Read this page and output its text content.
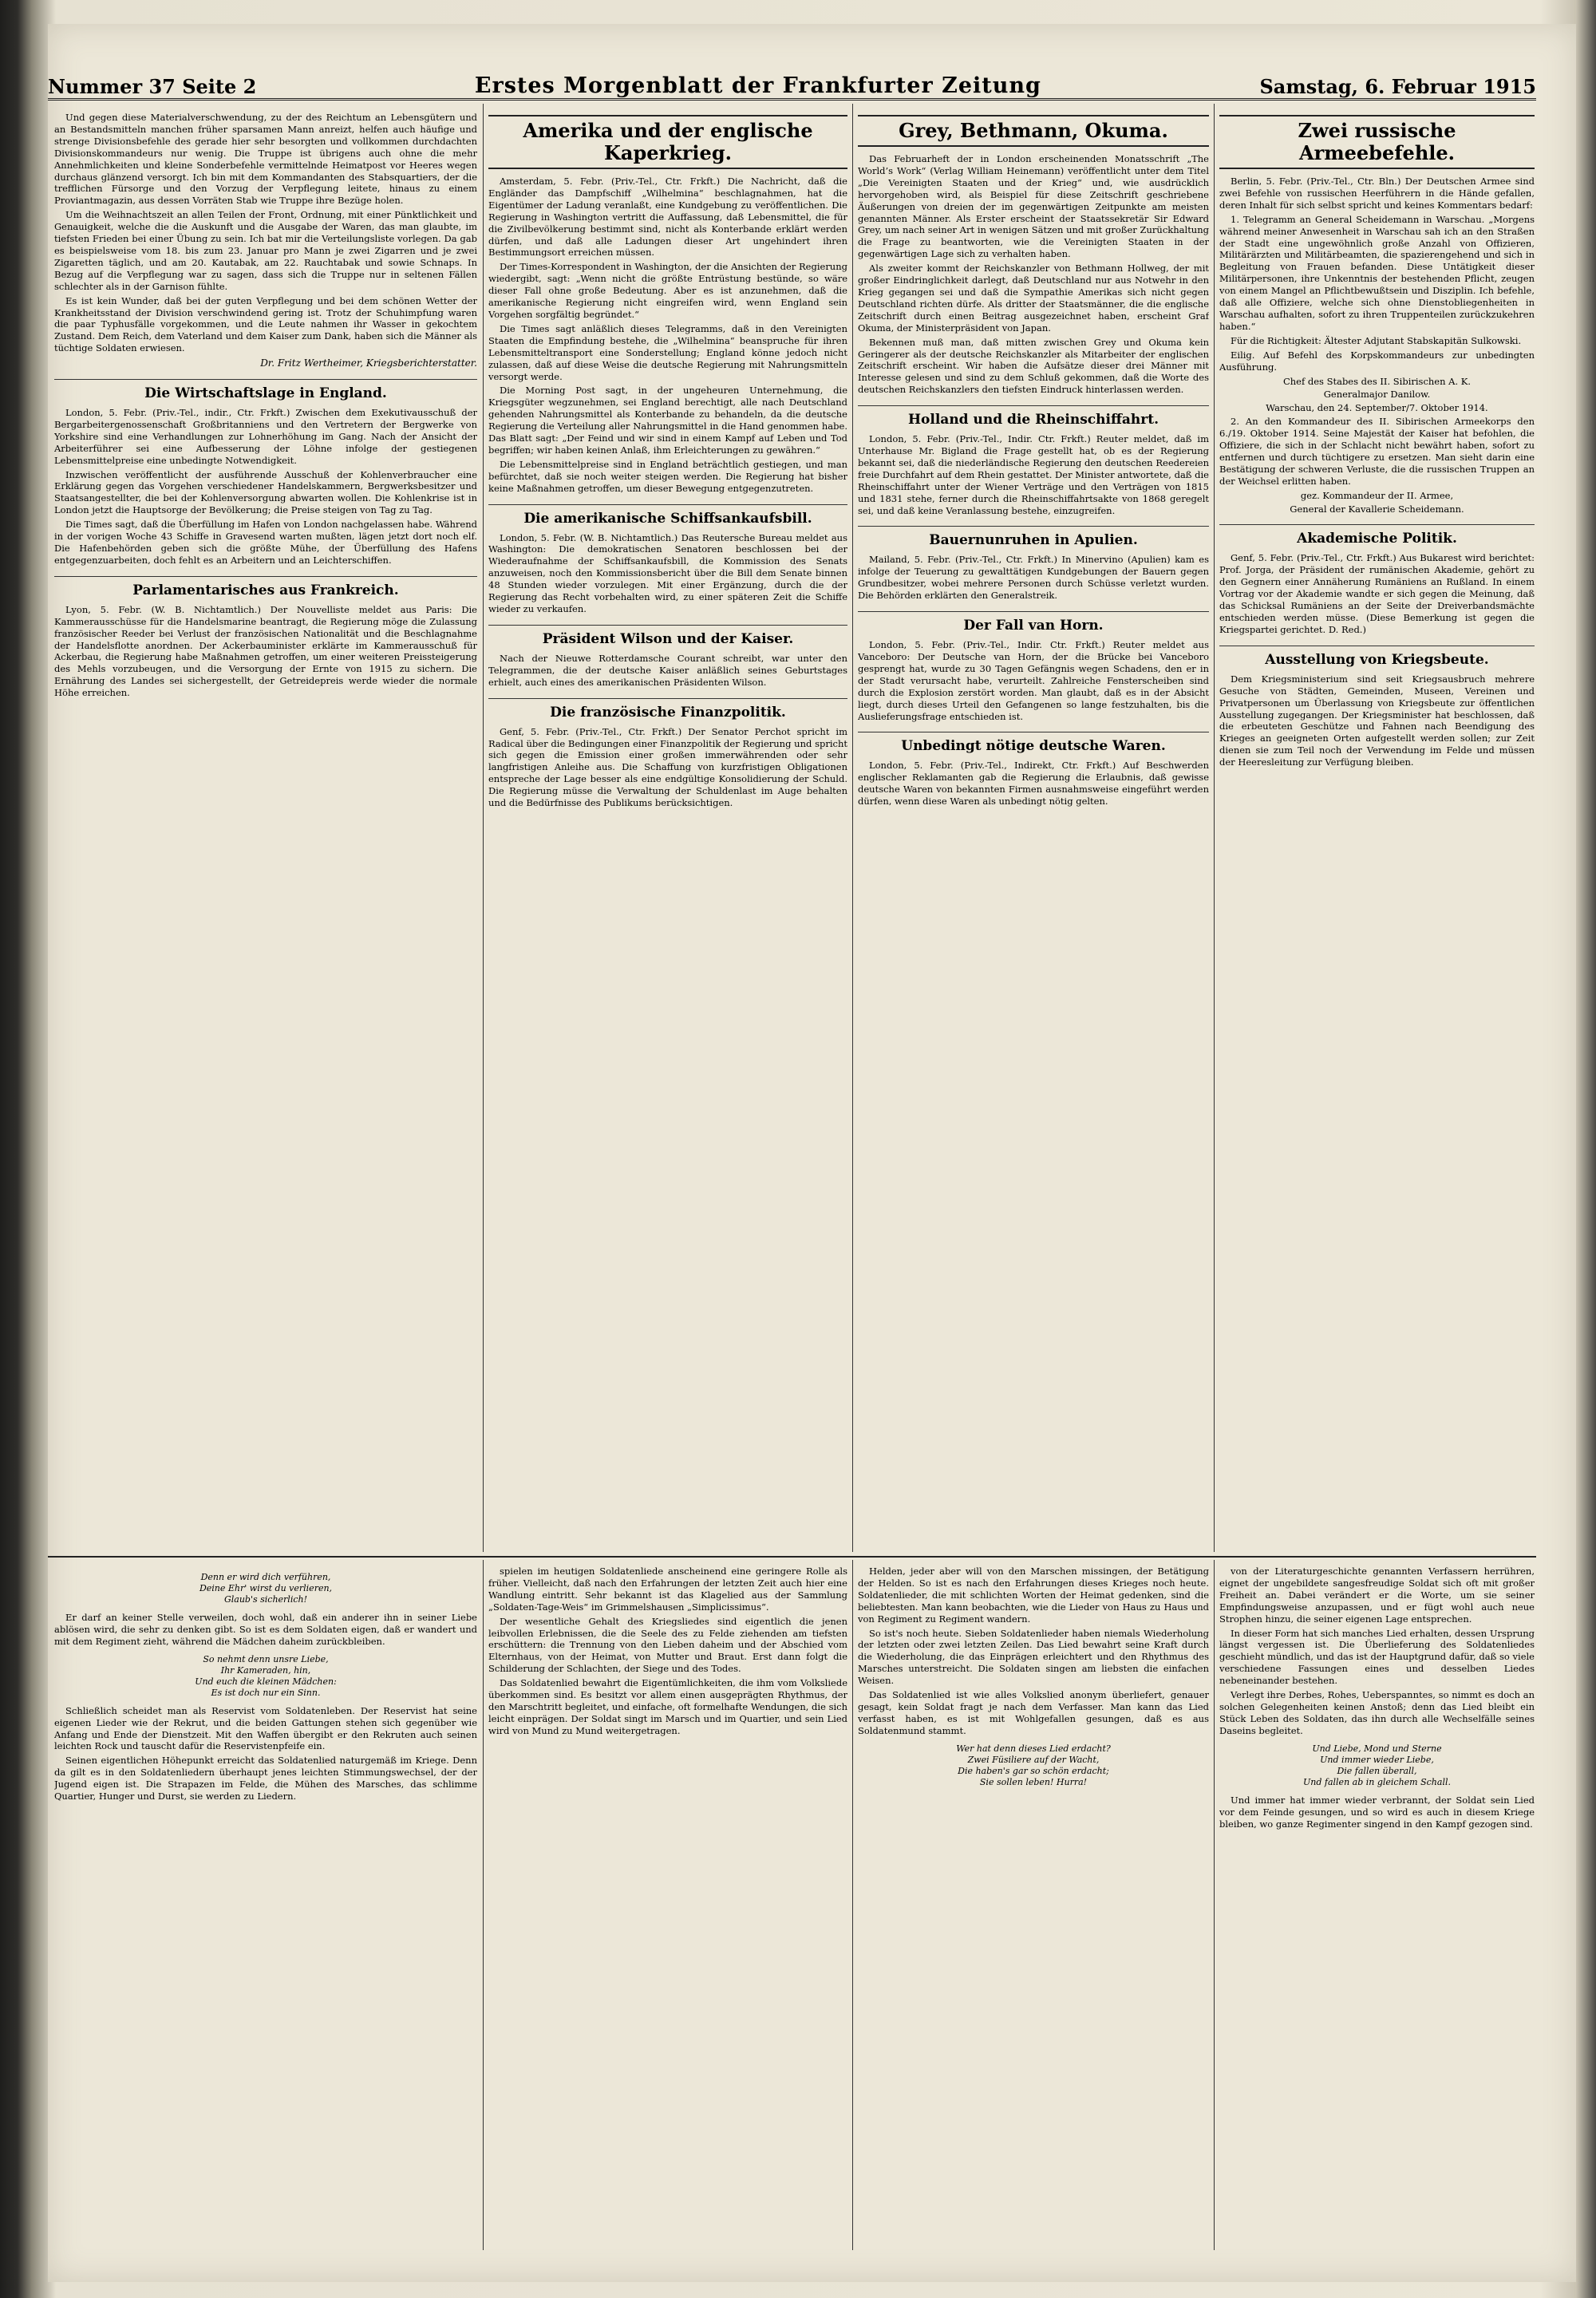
Nummer 37 Seite 2	Erstes Morgenblatt der Frankfurter Zeitung	Samstag, 6. Februar 1915

Und gegen diese Materialverschwendung, zu der des Reichtum an Lebensgütern und an Bestandsmitteln manchen früher sparsamen Mann anreizt, helfen auch häufige und strenge Divisionsbefehle des gerade hier sehr besorgten und vollkommen durchdachten Divisionskommandeurs nur wenig. Die Truppe ist übrigens auch ohne die mehr Annehmlichkeiten und kleine Sonderbefehle vermittelnde Heimatpost vor Heeres wegen durchaus glänzend versorgt. Ich bin mit dem Kommandanten des Stabsquartiers, der die trefflichen Fürsorge und den Vorzug der Verpflegung leitete, hinaus zu einem Proviantmagazin, aus dessen Vorräten Stab wie Truppe ihre Bezüge holen.

Um die Weihnachtszeit an allen Teilen der Front, Ordnung, mit einer Pünktlichkeit und Genauigkeit, welche die die Auskunft und die Ausgabe der Waren, das man glaubte, im tiefsten Frieden bei einer Übung zu sein. Ich bat mir die Verteilungsliste vorlegen. Da gab es beispielsweise vom 18. bis zum 23. Januar pro Mann je zwei Zigarren und je zwei Zigaretten täglich, und am 20. Kautabak, am 22. Rauchtabak und sowie Schnaps. In Bezug auf die Verpflegung war zu sagen, dass sich die Truppe nur in seltenen Fällen schlechter als in der Garnison fühlte.

Es ist kein Wunder, daß bei der guten Verpflegung und bei dem schönen Wetter der Krankheitsstand der Division verschwindend gering ist. Trotz der Schuhimpfung waren die paar Typhusfälle vorgekommen, und die Leute nahmen ihr Wasser in gekochtem Zustand. Dem Reich, dem Vaterland und dem Kaiser zum Dank, haben sich die Männer als tüchtige Soldaten erwiesen.

Dr. Fritz Wertheimer, Kriegsberichterstatter.
Die Wirtschaftslage in England.

London, 5. Febr. (Priv.-Tel., indir., Ctr. Frkft.) Zwischen dem Exekutivausschuß der Bergarbeitergenossenschaft Großbritanniens und den Vertretern der Bergwerke von Yorkshire sind eine Verhandlungen zur Lohnerhöhung im Gang. Nach der Ansicht der Arbeiterführer sei eine Aufbesserung der Löhne infolge der gestiegenen Lebensmittelpreise eine unbedingte Notwendigkeit.

Inzwischen veröffentlicht der ausführende Ausschuß der Kohlenverbraucher eine Erklärung gegen das Vorgehen verschiedener Handelskammern, Bergwerksbesitzer und Staatsangestellter, die bei der Kohlenversorgung abwarten wollen. Die Kohlenkrise ist in London jetzt die Hauptsorge der Bevölkerung; die Preise steigen von Tag zu Tag.

Die Times sagt, daß die Überfüllung im Hafen von London nachgelassen habe. Während in der vorigen Woche 43 Schiffe in Gravesend warten mußten, lägen jetzt dort noch elf. Die Hafenbehörden geben sich die größte Mühe, der Überfüllung des Hafens entgegenzuarbeiten, doch fehlt es an Arbeitern und an Leichterschiffen.

Parlamentarisches aus Frankreich.

Lyon, 5. Febr. (W. B. Nichtamtlich.) Der Nouvelliste meldet aus Paris: Die Kammerausschüsse für die Handelsmarine beantragt, die Regierung möge die Zulassung französischer Reeder bei Verlust der französischen Nationalität und die Beschlagnahme der Handelsflotte anordnen. Der Ackerbauminister erklärte im Kammerausschuß für Ackerbau, die Regierung habe Maßnahmen getroffen, um einer weiteren Preissteigerung des Mehls vorzubeugen, und die Versorgung der Ernte von 1915 zu sichern. Die Ernährung des Landes sei sichergestellt, der Getreidepreis werde wieder die normale Höhe erreichen.

Amerika und der englische Kaperkrieg.

Amsterdam, 5. Febr. (Priv.-Tel., Ctr. Frkft.) Die Nachricht, daß die Engländer das Dampfschiff „Wilhelmina“ beschlagnahmen, hat die Eigentümer der Ladung veranlaßt, eine Kundgebung zu veröffentlichen. Die Regierung in Washington vertritt die Auffassung, daß Lebensmittel, die für die Zivilbevölkerung bestimmt sind, nicht als Konterbande erklärt werden dürfen, und daß alle Ladungen dieser Art ungehindert ihren Bestimmungsort erreichen müssen.

Der Times-Korrespondent in Washington, der die Ansichten der Regierung wiedergibt, sagt: „Wenn nicht die größte Entrüstung bestünde, so wäre dieser Fall ohne große Bedeutung. Aber es ist anzunehmen, daß die amerikanische Regierung nicht eingreifen wird, wenn England sein Vorgehen sorgfältig begründet.“

Die Times sagt anläßlich dieses Telegramms, daß in den Vereinigten Staaten die Empfindung bestehe, die „Wilhelmina“ beanspruche für ihren Lebensmitteltransport eine Sonderstellung; England könne jedoch nicht zulassen, daß auf diese Weise die deutsche Regierung mit Nahrungsmitteln versorgt werde.

Die Morning Post sagt, in der ungeheuren Unternehmung, die Kriegsgüter wegzunehmen, sei England berechtigt, alle nach Deutschland gehenden Nahrungsmittel als Konterbande zu behandeln, da die deutsche Regierung die Verteilung aller Nahrungsmittel in die Hand genommen habe. Das Blatt sagt: „Der Feind und wir sind in einem Kampf auf Leben und Tod begriffen; wir haben keinen Anlaß, ihm Erleichterungen zu gewähren.“

Die Lebensmittelpreise sind in England beträchtlich gestiegen, und man befürchtet, daß sie noch weiter steigen werden. Die Regierung hat bisher keine Maßnahmen getroffen, um dieser Bewegung entgegenzutreten.

Die amerikanische Schiffsankaufsbill.

London, 5. Febr. (W. B. Nichtamtlich.) Das Reutersche Bureau meldet aus Washington: Die demokratischen Senatoren beschlossen bei der Wiederaufnahme der Schiffsankaufsbill, die Kommission des Senats anzuweisen, noch den Kommissionsbericht über die Bill dem Senate binnen 48 Stunden wieder vorzulegen. Mit einer Ergänzung, durch die der Regierung das Recht vorbehalten wird, zu einer späteren Zeit die Schiffe wieder zu verkaufen.

Präsident Wilson und der Kaiser.

Nach der Nieuwe Rotterdamsche Courant schreibt, war unter den Telegrammen, die der deutsche Kaiser anläßlich seines Geburtstages erhielt, auch eines des amerikanischen Präsidenten Wilson.

Die französische Finanzpolitik.

Genf, 5. Febr. (Priv.-Tel., Ctr. Frkft.) Der Senator Perchot spricht im Radical über die Bedingungen einer Finanzpolitik der Regierung und spricht sich gegen die Emission einer großen immerwährenden oder sehr langfristigen Anleihe aus. Die Schaffung von kurzfristigen Obligationen entspreche der Lage besser als eine endgültige Konsolidierung der Schuld. Die Regierung müsse die Verwaltung der Schuldenlast im Auge behalten und die Bedürfnisse des Publikums berücksichtigen.

Grey, Bethmann, Okuma.

Das Februarheft der in London erscheinenden Monatsschrift „The World’s Work“ (Verlag William Heinemann) veröffentlicht unter dem Titel „Die Vereinigten Staaten und der Krieg“ und, wie ausdrücklich hervorgehoben wird, als Beispiel für diese Zeitschrift geschriebene Äußerungen von dreien der im gegenwärtigen Zeitpunkte am meisten genannten Männer. Als Erster erscheint der Staatssekretär Sir Edward Grey, um nach seiner Art in wenigen Sätzen und mit großer Zurückhaltung die Frage zu beantworten, wie die Vereinigten Staaten in der gegenwärtigen Lage sich zu verhalten haben.

Als zweiter kommt der Reichskanzler von Bethmann Hollweg, der mit großer Eindringlichkeit darlegt, daß Deutschland nur aus Notwehr in den Krieg gegangen sei und daß die Sympathie Amerikas sich nicht gegen Deutschland richten dürfe. Als dritter der Staatsmänner, die die englische Zeitschrift durch einen Beitrag ausgezeichnet haben, erscheint Graf Okuma, der Ministerpräsident von Japan.

Bekennen muß man, daß mitten zwischen Grey und Okuma kein Geringerer als der deutsche Reichskanzler als Mitarbeiter der englischen Zeitschrift erscheint. Wir haben die Aufsätze dieser drei Männer mit Interesse gelesen und sind zu dem Schluß gekommen, daß die Worte des deutschen Reichskanzlers den tiefsten Eindruck hinterlassen werden.

Holland und die Rheinschiffahrt.

London, 5. Febr. (Priv.-Tel., Indir. Ctr. Frkft.) Reuter meldet, daß im Unterhause Mr. Bigland die Frage gestellt hat, ob es der Regierung bekannt sei, daß die niederländische Regierung den deutschen Reedereien freie Durchfahrt auf dem Rhein gestattet. Der Minister antwortete, daß die Rheinschiffahrt unter der Wiener Verträge und den Verträgen von 1815 und 1831 stehe, ferner durch die Rheinschiffahrtsakte von 1868 geregelt sei, und daß keine Veranlassung bestehe, einzugreifen.

Bauernunruhen in Apulien.

Mailand, 5. Febr. (Priv.-Tel., Ctr. Frkft.) In Minervino (Apulien) kam es infolge der Teuerung zu gewalttätigen Kundgebungen der Bauern gegen Grundbesitzer, wobei mehrere Personen durch Schüsse verletzt wurden. Die Behörden erklärten den Generalstreik.

Der Fall van Horn.

London, 5. Febr. (Priv.-Tel., Indir. Ctr. Frkft.) Reuter meldet aus Vanceboro: Der Deutsche van Horn, der die Brücke bei Vanceboro gesprengt hat, wurde zu 30 Tagen Gefängnis wegen Schadens, den er in der Stadt verursacht habe, verurteilt. Zahlreiche Fensterscheiben sind durch die Explosion zerstört worden. Man glaubt, daß es in der Absicht liegt, durch dieses Urteil den Gefangenen so lange festzuhalten, bis die Auslieferungsfrage entschieden ist.

Unbedingt nötige deutsche Waren.

London, 5. Febr. (Priv.-Tel., Indirekt, Ctr. Frkft.) Auf Beschwerden englischer Reklamanten gab die Regierung die Erlaubnis, daß gewisse deutsche Waren von bekannten Firmen ausnahmsweise eingeführt werden dürfen, wenn diese Waren als unbedingt nötig gelten.

Zwei russische Armeebefehle.

Berlin, 5. Febr. (Priv.-Tel., Ctr. Bln.) Der Deutschen Armee sind zwei Befehle von russischen Heerführern in die Hände gefallen, deren Inhalt für sich selbst spricht und keines Kommentars bedarf:

1. Telegramm an General Scheidemann in Warschau. „Morgens während meiner Anwesenheit in Warschau sah ich an den Straßen der Stadt eine ungewöhnlich große Anzahl von Offizieren, Militärärzten und Militärbeamten, die spazierengehend und sich in Begleitung von Frauen befanden. Diese Untätigkeit dieser Militärpersonen, ihre Unkenntnis der bestehenden Pflicht, zeugen von einem Mangel an Pflichtbewußtsein und Disziplin. Ich befehle, daß alle Offiziere, welche sich ohne Dienstobliegenheiten in Warschau aufhalten, sofort zu ihren Truppenteilen zurückzukehren haben.“

Für die Richtigkeit: Ältester Adjutant Stabskapitän Sulkowski.

Eilig. Auf Befehl des Korpskommandeurs zur unbedingten Ausführung.

Chef des Stabes des II. Sibirischen A. K.
Generalmajor Danilow.
Warschau, den 24. September/7. Oktober 1914.

2. An den Kommandeur des II. Sibirischen Armeekorps den 6./19. Oktober 1914. Seine Majestät der Kaiser hat befohlen, die Offiziere, die sich in der Schlacht nicht bewährt haben, sofort zu entfernen und durch tüchtigere zu ersetzen. Man sieht darin eine Bestätigung der schweren Verluste, die die russischen Truppen an der Weichsel erlitten haben.

gez. Kommandeur der II. Armee,
General der Kavallerie Scheidemann.
Akademische Politik.

Genf, 5. Febr. (Priv.-Tel., Ctr. Frkft.) Aus Bukarest wird berichtet: Prof. Jorga, der Präsident der rumänischen Akademie, gehört zu den Gegnern einer Annäherung Rumäniens an Rußland. In einem Vortrag vor der Akademie wandte er sich gegen die Meinung, daß das Schicksal Rumäniens an der Seite der Dreiverbandsmächte entschieden werden müsse. (Diese Bemerkung ist gegen die Kriegspartei gerichtet. D. Red.)

Ausstellung von Kriegsbeute.

Dem Kriegsministerium sind seit Kriegsausbruch mehrere Gesuche von Städten, Gemeinden, Museen, Vereinen und Privatpersonen um Überlassung von Kriegsbeute zur öffentlichen Ausstellung zugegangen. Der Kriegsminister hat beschlossen, daß die erbeuteten Geschütze und Fahnen nach Beendigung des Krieges an geeigneten Orten aufgestellt werden sollen; zur Zeit dienen sie zum Teil noch der Verwendung im Felde und müssen der Heeresleitung zur Verfügung bleiben.

Denn er wird dich verführen,
Deine Ehr' wirst du verlieren,
Glaub's sicherlich!

Er darf an keiner Stelle verweilen, doch wohl, daß ein anderer ihn in seiner Liebe ablösen wird, die sehr zu denken gibt. So ist es dem Soldaten eigen, daß er wandert und mit dem Regiment zieht, während die Mädchen daheim zurückbleiben.

So nehmt denn unsre Liebe,
Ihr Kameraden, hin,
Und euch die kleinen Mädchen:
Es ist doch nur ein Sinn.

Schließlich scheidet man als Reservist vom Soldatenleben. Der Reservist hat seine eigenen Lieder wie der Rekrut, und die beiden Gattungen stehen sich gegenüber wie Anfang und Ende der Dienstzeit. Mit den Waffen übergibt er den Rekruten auch seinen leichten Rock und tauscht dafür die Reservistenpfeife ein.

Seinen eigentlichen Höhepunkt erreicht das Soldatenlied naturgemäß im Kriege. Denn da gilt es in den Soldatenliedern überhaupt jenes leichten Stimmungswechsel, der der Jugend eigen ist. Die Strapazen im Felde, die Mühen des Marsches, das schlimme Quartier, Hunger und Durst, sie werden zu Liedern.

spielen im heutigen Soldatenliede anscheinend eine geringere Rolle als früher. Vielleicht, daß nach den Erfahrungen der letzten Zeit auch hier eine Wandlung eintritt. Sehr bekannt ist das Klagelied aus der Sammlung „Soldaten-Tage-Weis“ im Grimmelshausen „Simplicissimus“.

Der wesentliche Gehalt des Kriegsliedes sind eigentlich die jenen leibvollen Erlebnissen, die die Seele des zu Felde ziehenden am tiefsten erschüttern: die Trennung von den Lieben daheim und der Abschied vom Elternhaus, von der Heimat, von Mutter und Braut. Erst dann folgt die Schilderung der Schlachten, der Siege und des Todes.

Das Soldatenlied bewahrt die Eigentümlichkeiten, die ihm vom Volksliede überkommen sind. Es besitzt vor allem einen ausgeprägten Rhythmus, der den Marschtritt begleitet, und einfache, oft formelhafte Wendungen, die sich leicht einprägen. Der Soldat singt im Marsch und im Quartier, und sein Lied wird von Mund zu Mund weitergetragen.

Helden, jeder aber will von den Marschen missingen, der Betätigung der Helden. So ist es nach den Erfahrungen dieses Krieges noch heute. Soldatenlieder, die mit schlichten Worten der Heimat gedenken, sind die beliebtesten. Man kann beobachten, wie die Lieder von Haus zu Haus und von Regiment zu Regiment wandern.

So ist's noch heute. Sieben Soldatenlieder haben niemals Wiederholung der letzten oder zwei letzten Zeilen. Das Lied bewahrt seine Kraft durch die Wiederholung, die das Einprägen erleichtert und den Rhythmus des Marsches unterstreicht. Die Soldaten singen am liebsten die einfachen Weisen.

Das Soldatenlied ist wie alles Volkslied anonym überliefert, genauer gesagt, kein Soldat fragt je nach dem Verfasser. Man kann das Lied verfasst haben, es ist mit Wohlgefallen gesungen, daß es aus Soldatenmund stammt.

Wer hat denn dieses Lied erdacht?
Zwei Füsiliere auf der Wacht,
Die haben's gar so schön erdacht;
Sie sollen leben! Hurra!

von der Literaturgeschichte genannten Verfassern herrühren, eignet der ungebildete sangesfreudige Soldat sich oft mit großer Freiheit an. Dabei verändert er die Worte, um sie seiner Empfindungsweise anzupassen, und er fügt wohl auch neue Strophen hinzu, die seiner eigenen Lage entsprechen.

In dieser Form hat sich manches Lied erhalten, dessen Ursprung längst vergessen ist. Die Überlieferung des Soldatenliedes geschieht mündlich, und das ist der Hauptgrund dafür, daß so viele verschiedene Fassungen eines und desselben Liedes nebeneinander bestehen.

Verlegt ihre Derbes, Rohes, Ueberspanntes, so nimmt es doch an solchen Gelegenheiten keinen Anstoß; denn das Lied bleibt ein Stück Leben des Soldaten, das ihn durch alle Wechselfälle seines Daseins begleitet.

Und Liebe, Mond und Sterne
Und immer wieder Liebe,
Die fallen überall,
Und fallen ab in gleichem Schall.

Und immer hat immer wieder verbrannt, der Soldat sein Lied vor dem Feinde gesungen, und so wird es auch in diesem Kriege bleiben, wo ganze Regimenter singend in den Kampf gezogen sind.
